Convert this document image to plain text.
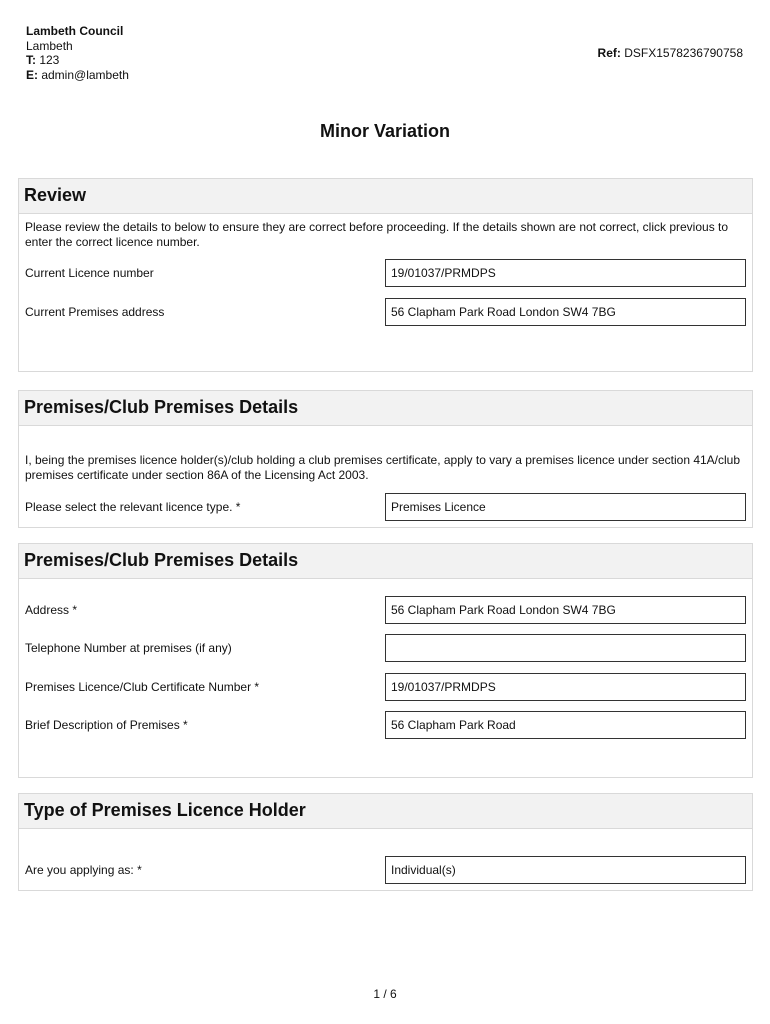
Lambeth Council
Lambeth
T: 123
E: admin@lambeth
Ref: DSFX1578236790758
Minor Variation
Review
Please review the details to below to ensure they are correct before proceeding. If the details shown are not correct, click previous to enter the correct licence number.
Current Licence number	19/01037/PRMDPS
Current Premises address	56 Clapham Park Road London SW4 7BG
Premises/Club Premises Details
I, being the premises licence holder(s)/club holding a club premises certificate, apply to vary a premises licence under section 41A/club premises certificate under section 86A of the Licensing Act 2003.
Please select the relevant licence type. *	Premises Licence
Premises/Club Premises Details
Address *	56 Clapham Park Road London SW4 7BG
Telephone Number at premises (if any)
Premises Licence/Club Certificate Number *	19/01037/PRMDPS
Brief Description of Premises *	56 Clapham Park Road
Type of Premises Licence Holder
Are you applying as: *	Individual(s)
1 / 6
